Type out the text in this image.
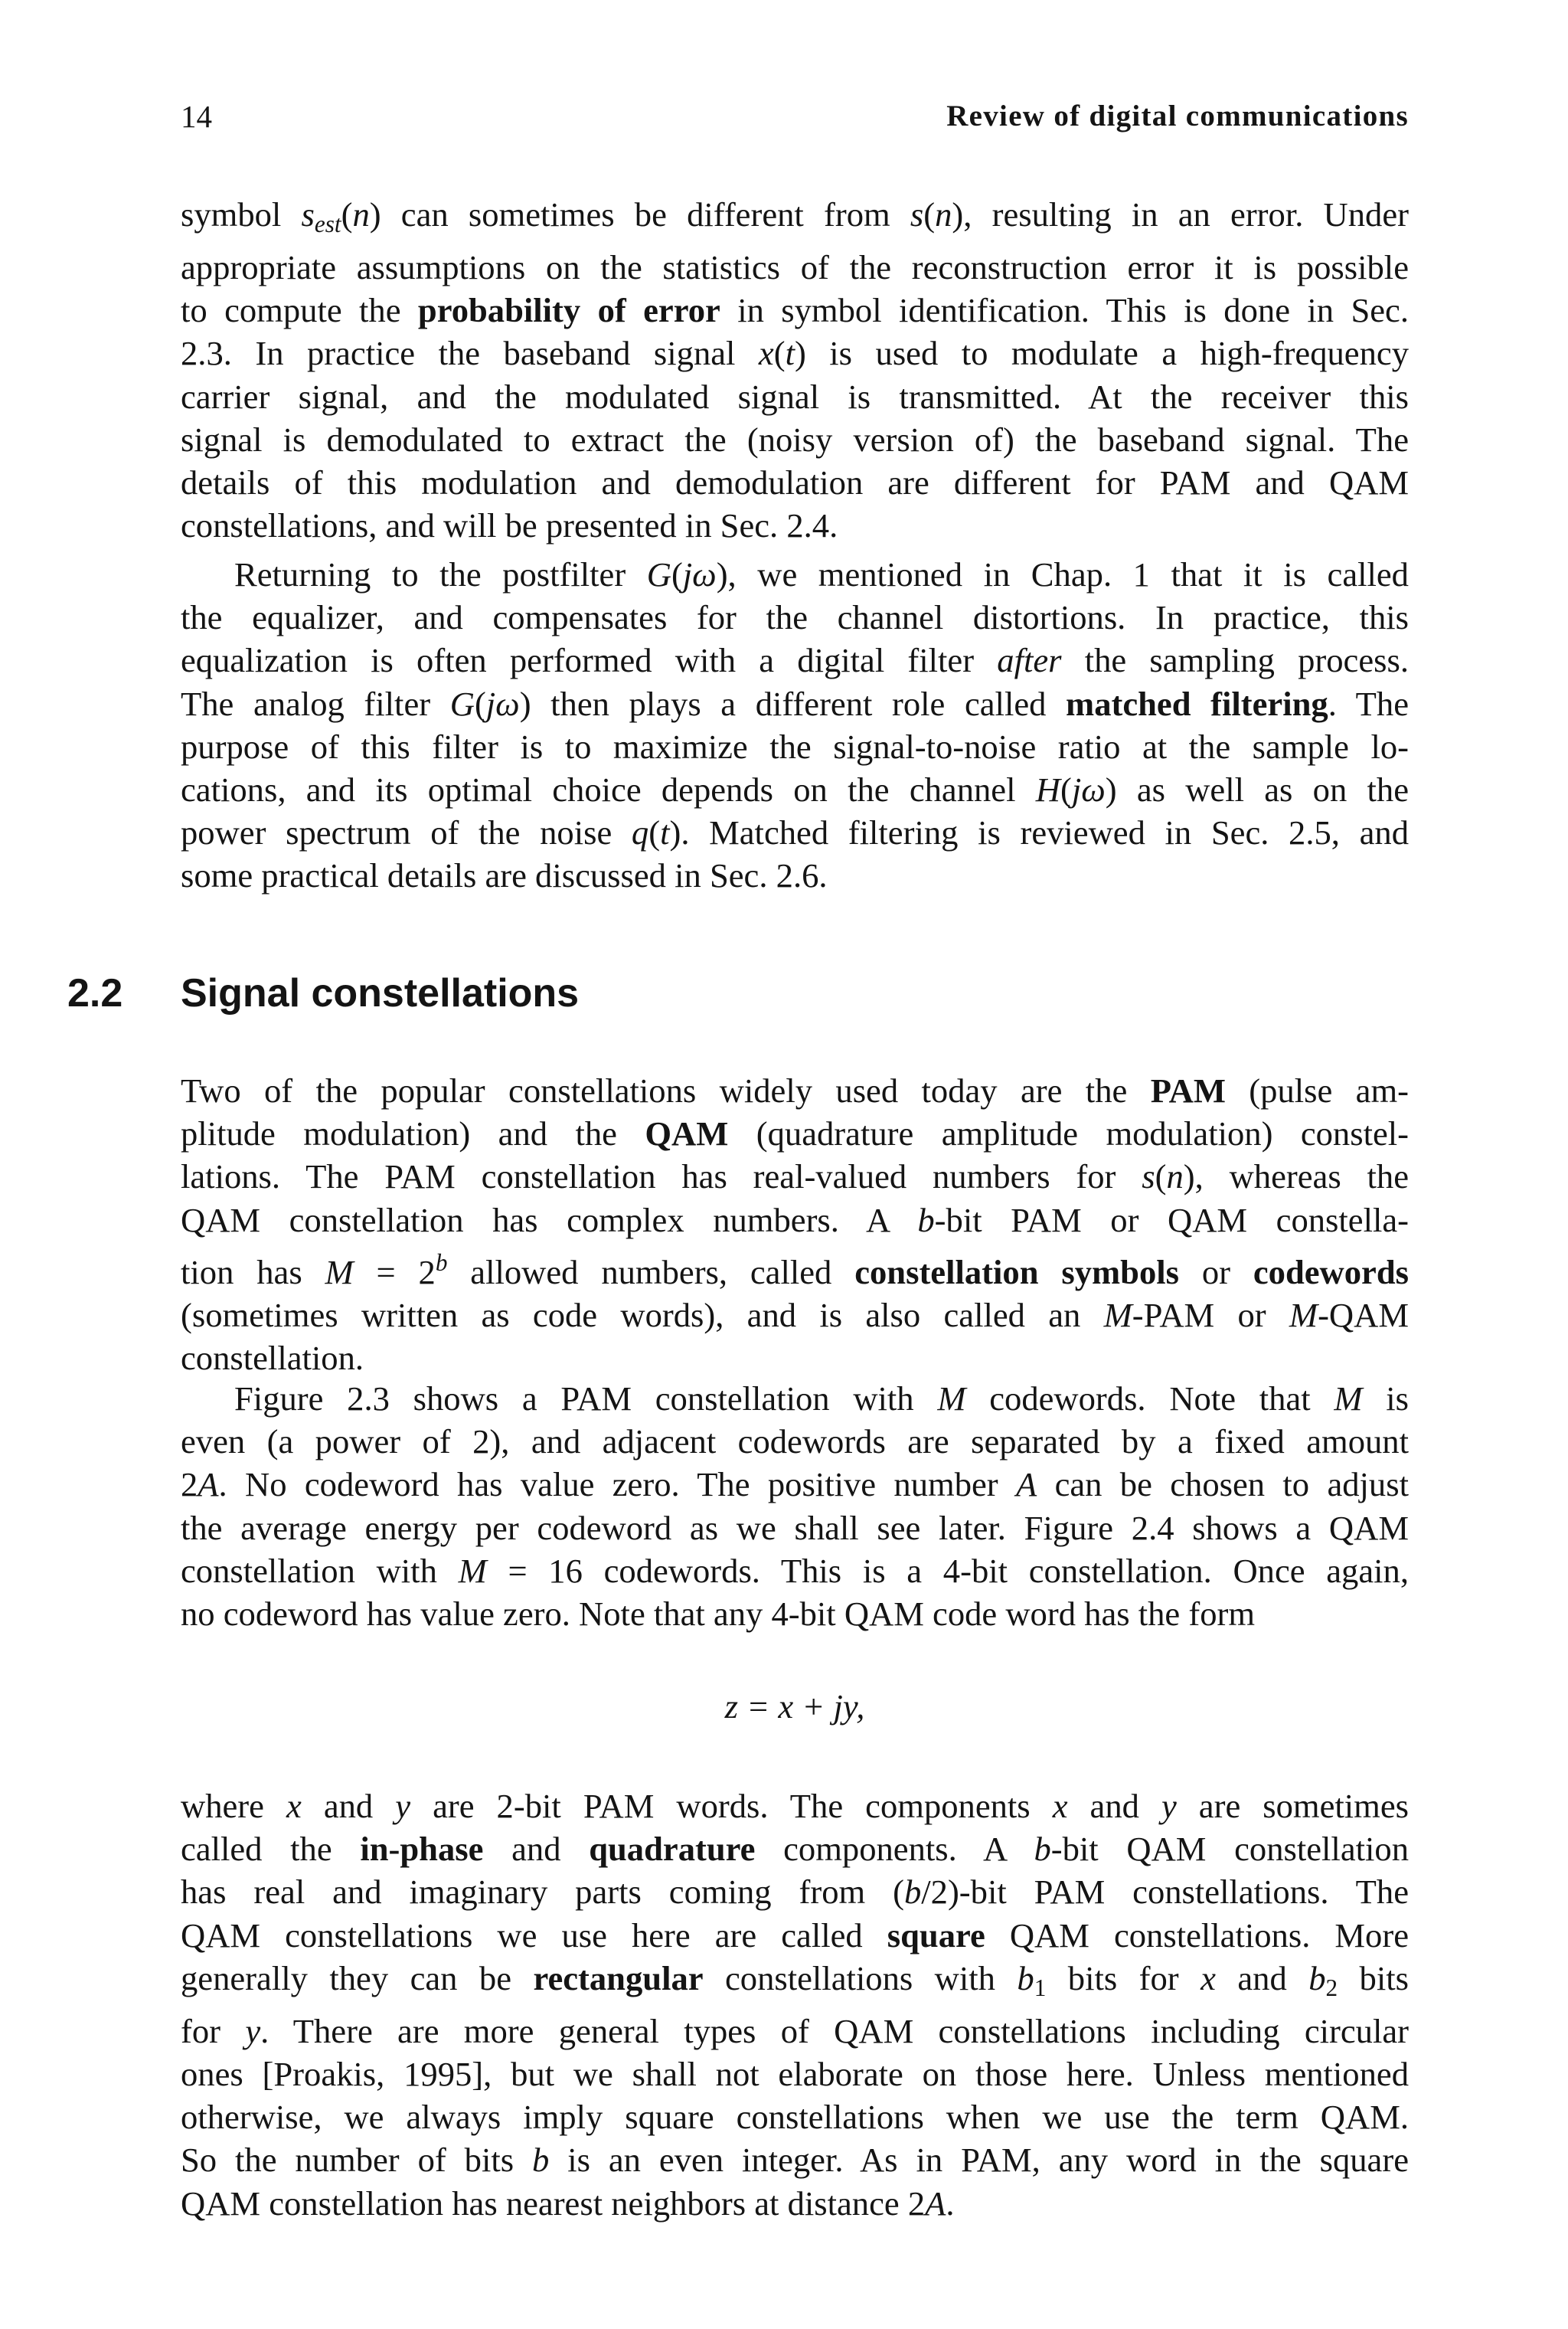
14	Review of digital communications
symbol $s_{est}(n)$ can sometimes be different from s(n), resulting in an error. Under
appropriate assumptions on the statistics of the reconstruction error it is possible
to compute the probability of error in symbol identification. This is done in Sec.
2.3. In practice the baseband signal x(t) is used to modulate a high-frequency
carrier signal, and the modulated signal is transmitted. At the receiver this
signal is demodulated to extract the (noisy version of) the baseband signal. The
details of this modulation and demodulation are different for PAM and QAM
constellations, and will be presented in Sec. 2.4.
Returning to the postfilter G(jω), we mentioned in Chap. 1 that it is called
the equalizer, and compensates for the channel distortions. In practice, this
equalization is often performed with a digital filter after the sampling process.
The analog filter G(jω) then plays a different role called matched filtering. The
purpose of this filter is to maximize the signal-to-noise ratio at the sample lo-
cations, and its optimal choice depends on the channel H(jω) as well as on the
power spectrum of the noise q(t). Matched filtering is reviewed in Sec. 2.5, and
some practical details are discussed in Sec. 2.6.
2.2 Signal constellations
Two of the popular constellations widely used today are the PAM (pulse am-
plitude modulation) and the QAM (quadrature amplitude modulation) constel-
lations. The PAM constellation has real-valued numbers for s(n), whereas the
QAM constellation has complex numbers. A b-bit PAM or QAM constella-
tion has $M = 2^b$ allowed numbers, called constellation symbols or codewords
(sometimes written as code words), and is also called an M-PAM or M-QAM
constellation.
Figure 2.3 shows a PAM constellation with M codewords. Note that M is
even (a power of 2), and adjacent codewords are separated by a fixed amount
2A. No codeword has value zero. The positive number A can be chosen to adjust
the average energy per codeword as we shall see later. Figure 2.4 shows a QAM
constellation with M = 16 codewords. This is a 4-bit constellation. Once again,
no codeword has value zero. Note that any 4-bit QAM code word has the form
z = x + jy,
where x and y are 2-bit PAM words. The components x and y are sometimes
called the in-phase and quadrature components. A b-bit QAM constellation
has real and imaginary parts coming from (b/2)-bit PAM constellations. The
QAM constellations we use here are called square QAM constellations. More
generally they can be rectangular constellations with $b_1$ bits for x and $b_2$ bits
for y. There are more general types of QAM constellations including circular
ones [Proakis, 1995], but we shall not elaborate on those here. Unless mentioned
otherwise, we always imply square constellations when we use the term QAM.
So the number of bits b is an even integer. As in PAM, any word in the square
QAM constellation has nearest neighbors at distance 2A.
